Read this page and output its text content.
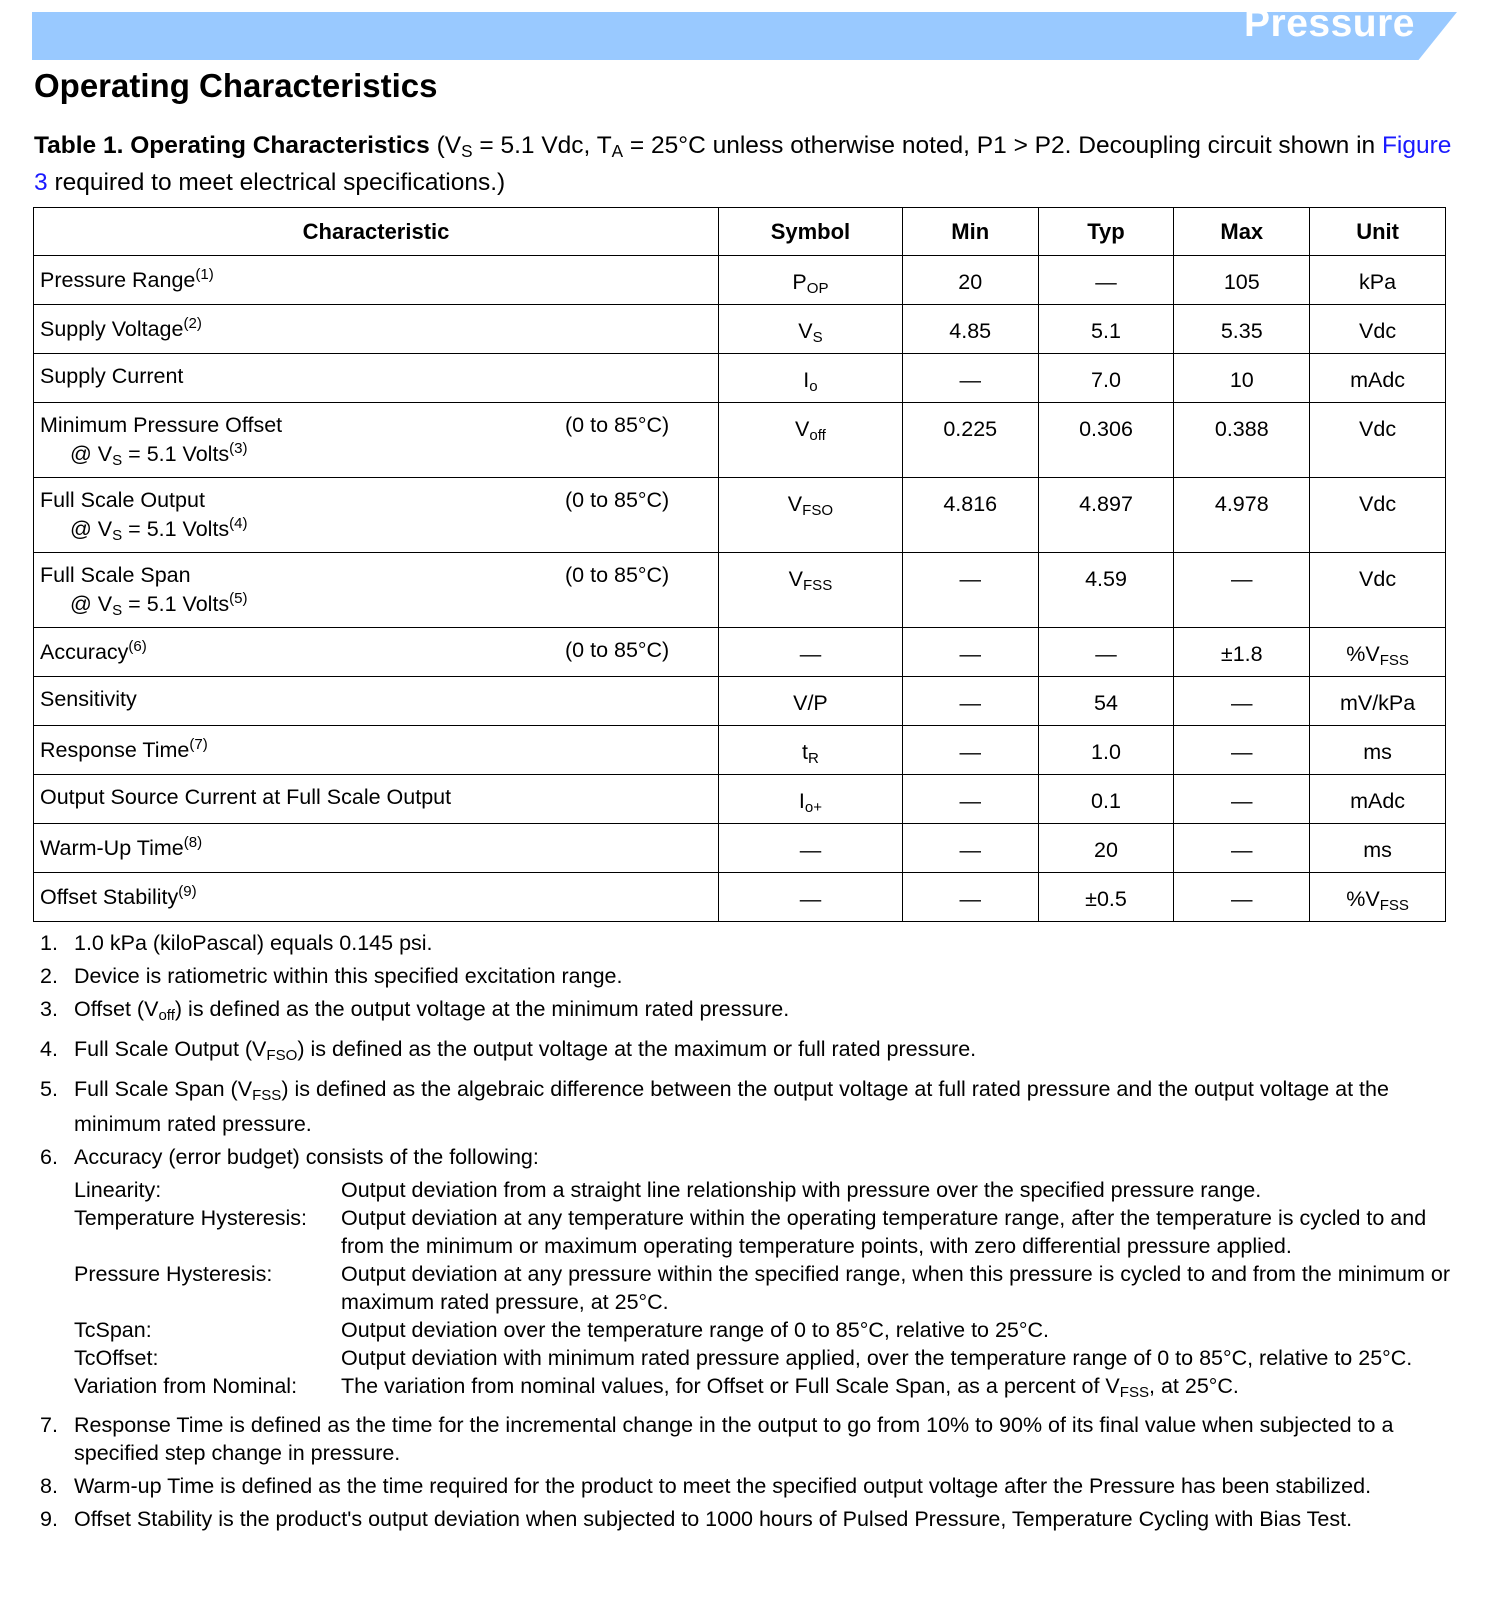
Pressure
Operating Characteristics
Table 1. Operating Characteristics ($V_S = 5.1$ Vdc, $T_A = 25^\circ C$ unless otherwise noted, P1 > P2. Decoupling circuit shown in Figure 3 required to meet electrical specifications.)
Characteristic	Symbol	Min	Typ	Max	Unit
Pressure Range$^{(1)}$	$P_{OP}$	20	—	105	kPa
Supply Voltage$^{(2)}$	$V_S$	4.85	5.1	5.35	Vdc
Supply Current	$I_o$	—	7.0	10	mAdc
Minimum Pressure Offset (0 to 85°C)
@ $V_S = 5.1$ Volts$^{(3)}$	$V_{off}$	0.225	0.306	0.388	Vdc
Full Scale Output (0 to 85°C)
@ $V_S = 5.1$ Volts$^{(4)}$	$V_{FSO}$	4.816	4.897	4.978	Vdc
Full Scale Span (0 to 85°C)
@ $V_S = 5.1$ Volts$^{(5)}$	$V_{FSS}$	—	4.59	—	Vdc
Accuracy$^{(6)}$ (0 to 85°C)	—	—	—	±1.8	$\%V_{FSS}$
Sensitivity	V/P	—	54	—	mV/kPa
Response Time$^{(7)}$	$t_R$	—	1.0	—	ms
Output Source Current at Full Scale Output	$I_{o+}$	—	0.1	—	mAdc
Warm-Up Time$^{(8)}$	—	—	20	—	ms
Offset Stability$^{(9)}$	—	—	±0.5	—	$\%V_{FSS}$
1. 1.0 kPa (kiloPascal) equals 0.145 psi.
2. Device is ratiometric within this specified excitation range.
3. Offset $(V_{off})$ is defined as the output voltage at the minimum rated pressure.
4. Full Scale Output $(V_{FSO})$ is defined as the output voltage at the maximum or full rated pressure.
5. Full Scale Span $(V_{FSS})$ is defined as the algebraic difference between the output voltage at full rated pressure and the output voltage at the minimum rated pressure.
6. Accuracy (error budget) consists of the following:
Linearity:	Output deviation from a straight line relationship with pressure over the specified pressure range.
Temperature Hysteresis:	Output deviation at any temperature within the operating temperature range, after the temperature is cycled to and from the minimum or maximum operating temperature points, with zero differential pressure applied.
Pressure Hysteresis:	Output deviation at any pressure within the specified range, when this pressure is cycled to and from the minimum or maximum rated pressure, at 25°C.
TcSpan:	Output deviation over the temperature range of 0 to 85°C, relative to 25°C.
TcOffset:	Output deviation with minimum rated pressure applied, over the temperature range of 0 to 85°C, relative to 25°C.
Variation from Nominal:	The variation from nominal values, for Offset or Full Scale Span, as a percent of $V_{FSS}$, at 25°C.
7. Response Time is defined as the time for the incremental change in the output to go from 10% to 90% of its final value when subjected to a specified step change in pressure.
8. Warm-up Time is defined as the time required for the product to meet the specified output voltage after the Pressure has been stabilized.
9. Offset Stability is the product's output deviation when subjected to 1000 hours of Pulsed Pressure, Temperature Cycling with Bias Test.
